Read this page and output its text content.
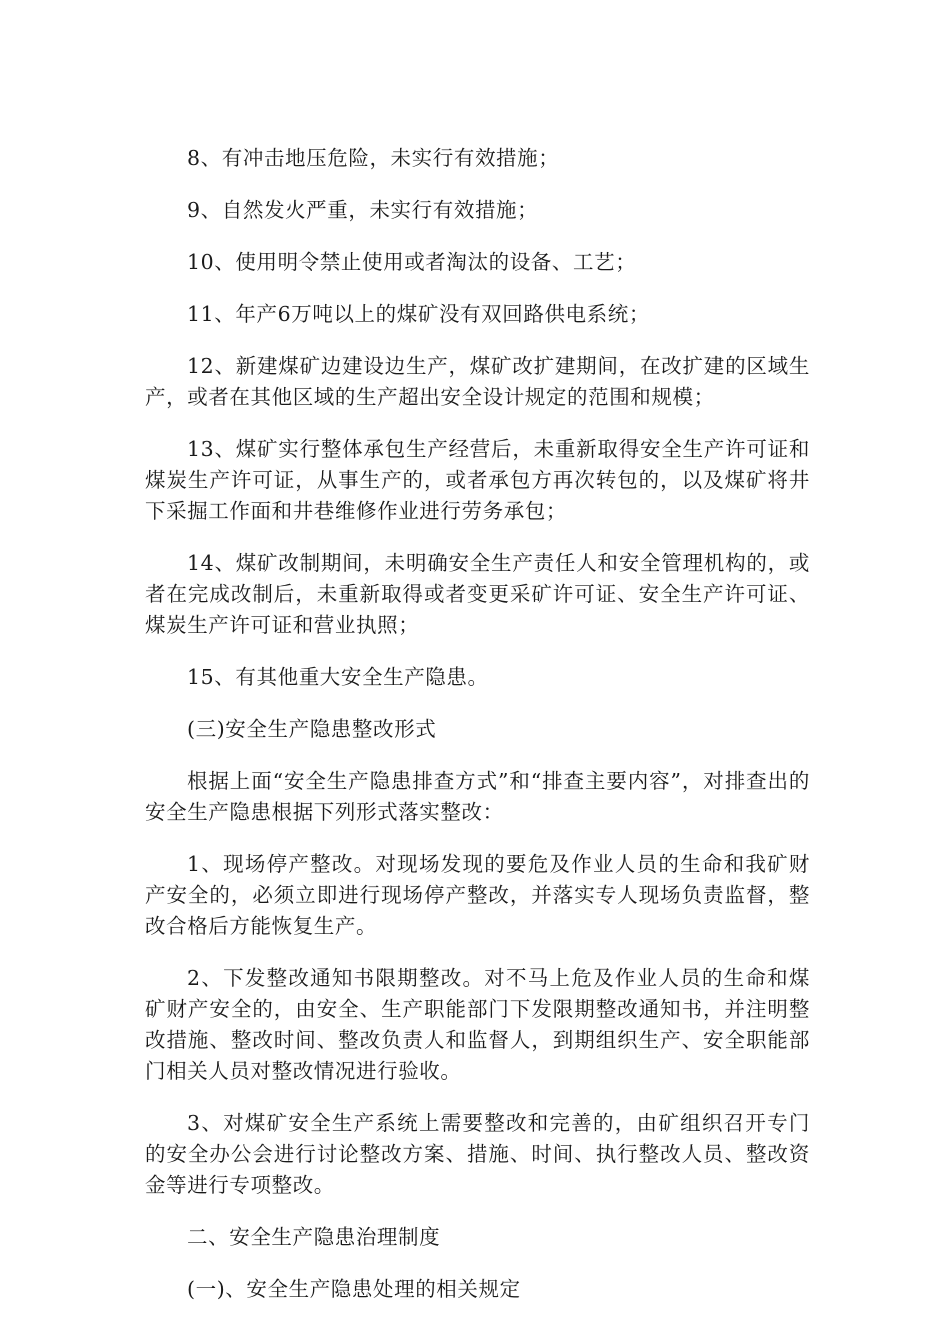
8、有冲击地压危险，未实行有效措施；

9、自然发火严重，未实行有效措施；

10、使用明令禁止使用或者淘汰的设备、工艺；

11、年产6万吨以上的煤矿没有双回路供电系统；

12、新建煤矿边建设边生产，煤矿改扩建期间，在改扩建的区域生产，或者在其他区域的生产超出安全设计规定的范围和规模；

13、煤矿实行整体承包生产经营后，未重新取得安全生产许可证和煤炭生产许可证，从事生产的，或者承包方再次转包的，以及煤矿将井下采掘工作面和井巷维修作业进行劳务承包；

14、煤矿改制期间，未明确安全生产责任人和安全管理机构的，或者在完成改制后，未重新取得或者变更采矿许可证、安全生产许可证、煤炭生产许可证和营业执照；

15、有其他重大安全生产隐患。

(三)安全生产隐患整改形式

根据上面“安全生产隐患排查方式”和“排查主要内容”，对排查出的安全生产隐患根据下列形式落实整改：

1、现场停产整改。对现场发现的要危及作业人员的生命和我矿财产安全的，必须立即进行现场停产整改，并落实专人现场负责监督，整改合格后方能恢复生产。

2、下发整改通知书限期整改。对不马上危及作业人员的生命和煤矿财产安全的，由安全、生产职能部门下发限期整改通知书，并注明整改措施、整改时间、整改负责人和监督人，到期组织生产、安全职能部门相关人员对整改情况进行验收。

3、对煤矿安全生产系统上需要整改和完善的，由矿组织召开专门的安全办公会进行讨论整改方案、措施、时间、执行整改人员、整改资金等进行专项整改。

二、安全生产隐患治理制度

(一)、安全生产隐患处理的相关规定
